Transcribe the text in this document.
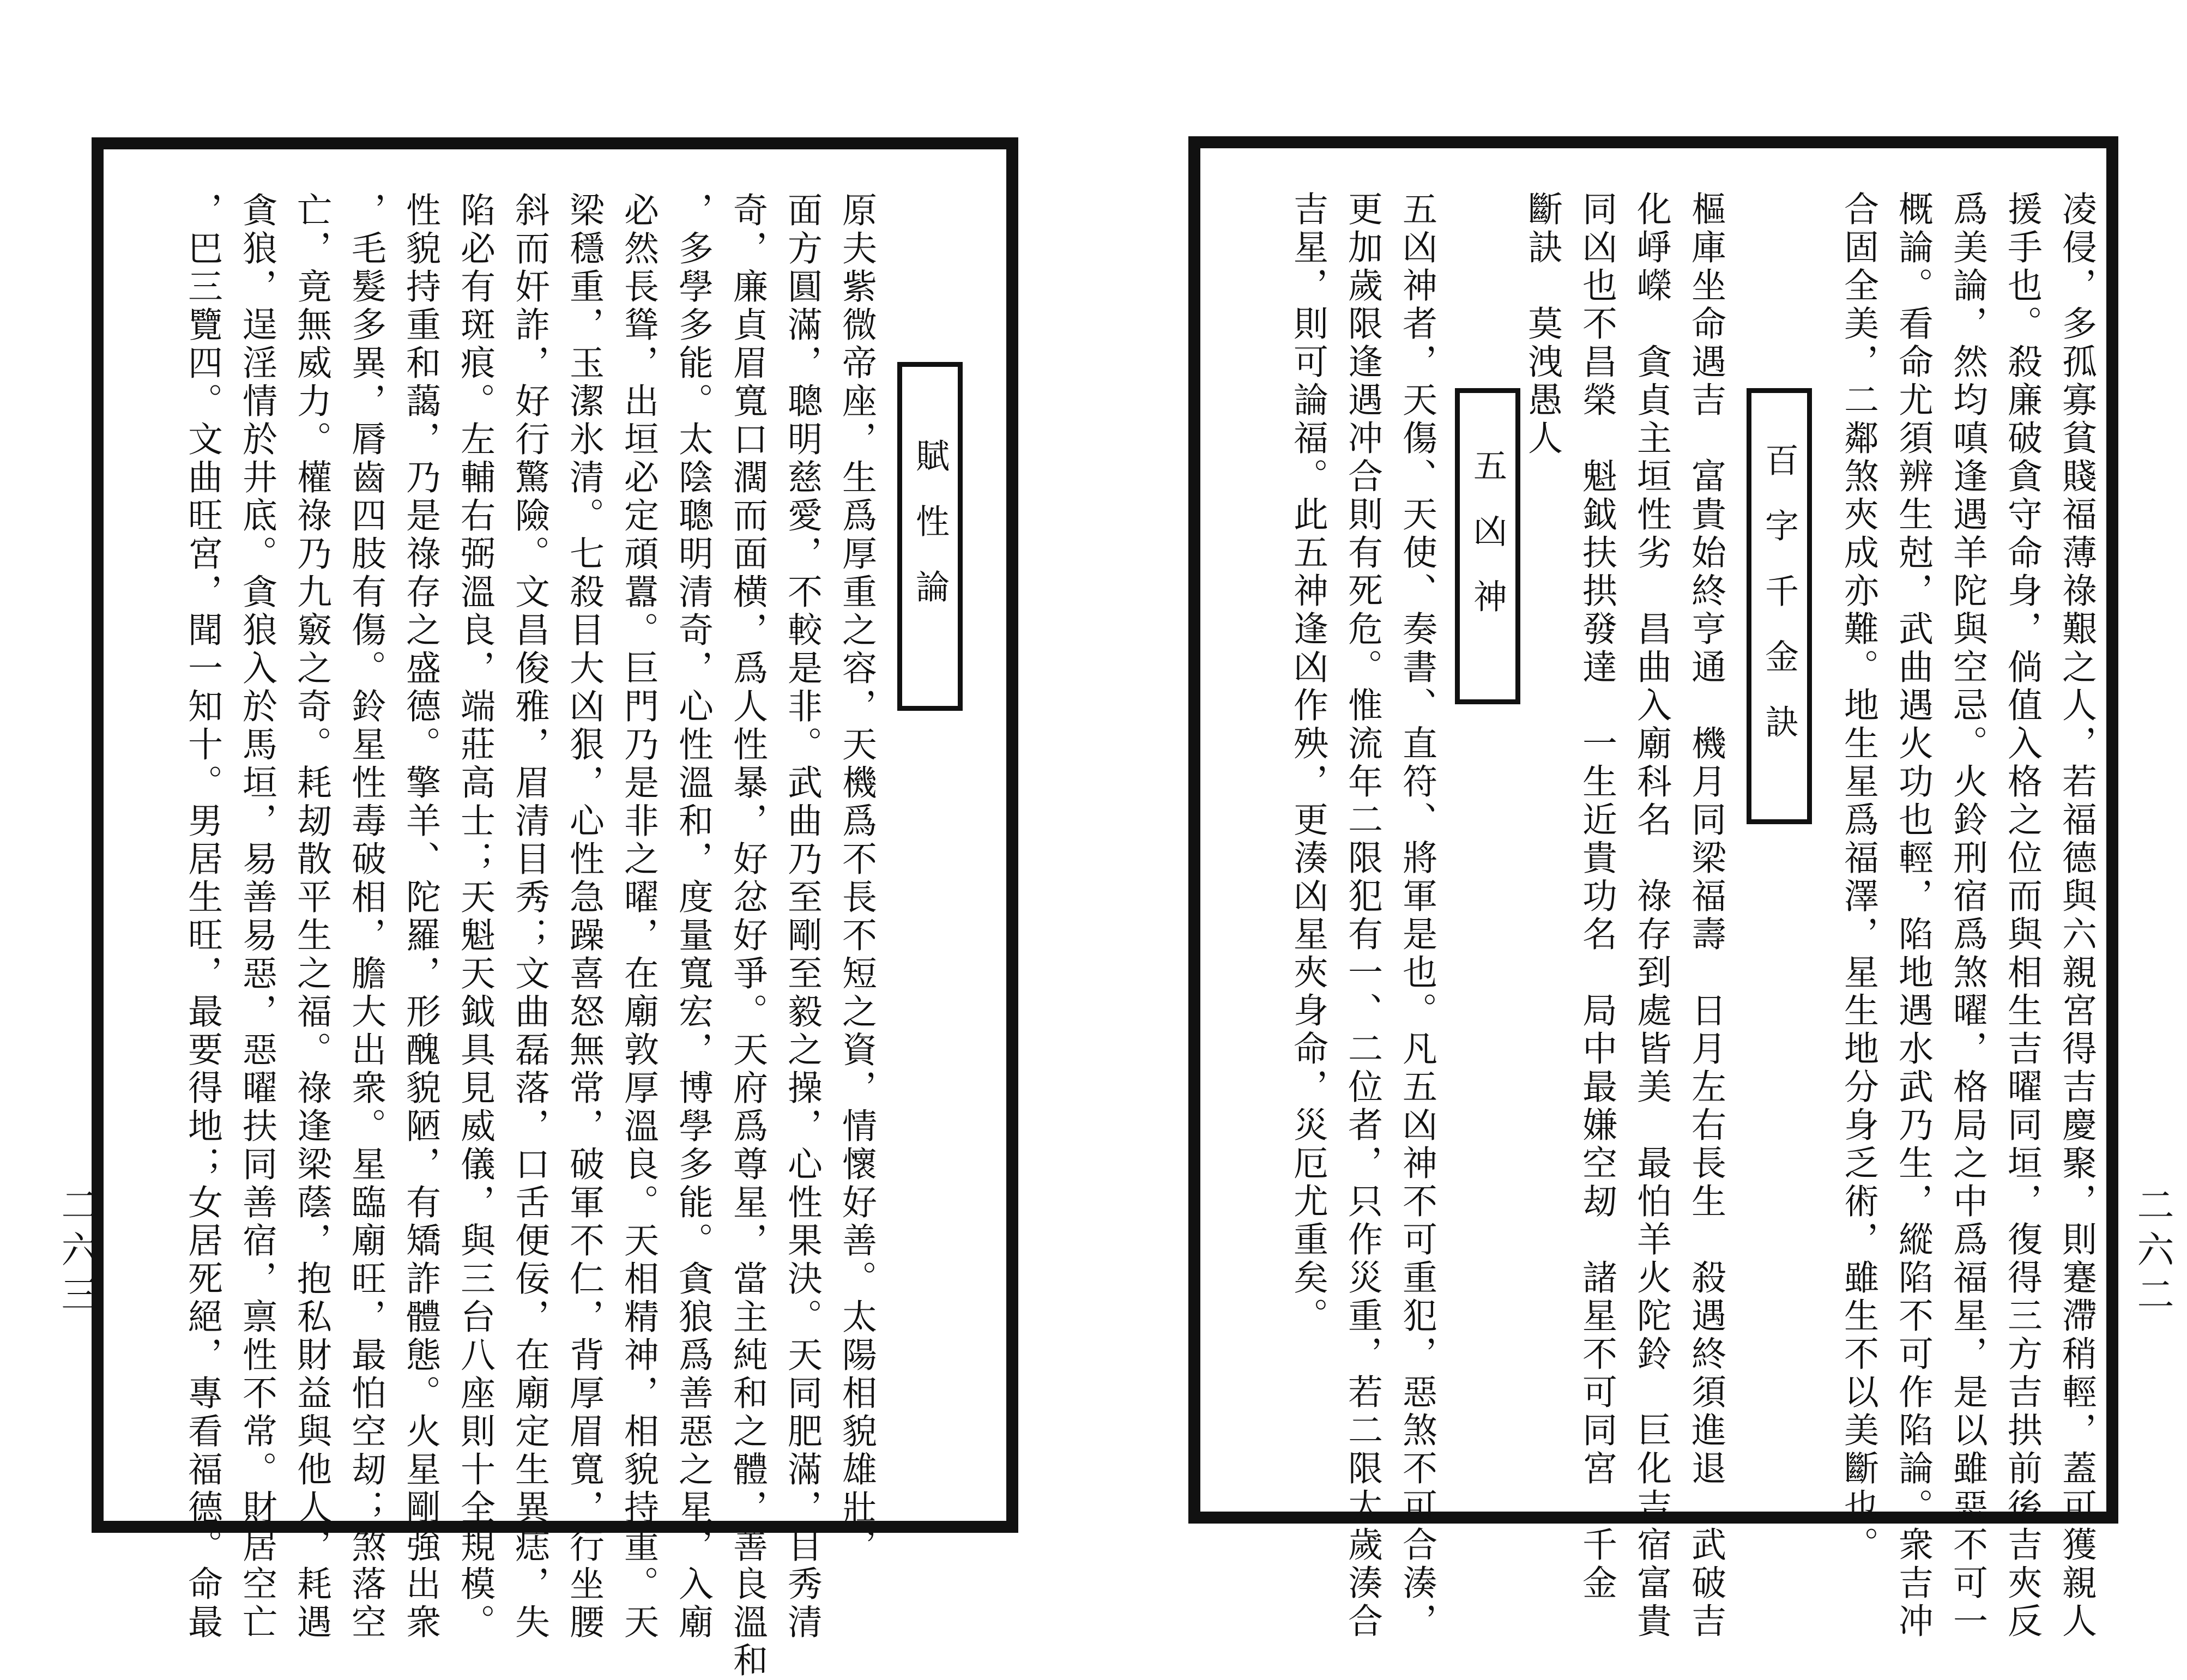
賦性論
原夫紫微帝座，生爲厚重之容，天機爲不長不短之資，情懷好善。太陽相貌雄壯，
面方圓滿，聰明慈愛，不較是非。武曲乃至剛至毅之操，心性果決。天同肥滿，目秀清
奇，廉貞眉寬口濶而面横，爲人性暴，好忿好爭。天府爲尊星，當主純和之體，善良溫和
，多學多能。太陰聰明清奇，心性溫和，度量寬宏，博學多能。貪狼爲善惡之星，入廟
必然長聳，出垣必定頑囂。巨門乃是非之曜，在廟敦厚溫良。天相精神，相貌持重。天
梁穩重，玉潔氷清。七殺目大凶狠，心性急躁喜怒無常，破軍不仁，背厚眉寬，行坐腰
斜而奸詐，好行驚險。文昌俊雅，眉清目秀；文曲磊落，口舌便佞，在廟定生異痣，失
陷必有斑痕。左輔右弼溫良，端莊高士；天魁天鉞具見威儀，與三台八座則十全規模。
性貌持重和藹，乃是祿存之盛德。擎羊、陀羅，形醜貌陋，有矯詐體態。火星剛強出衆
，毛髮多異，脣齒四肢有傷。鈴星性毒破相，膽大出衆。星臨廟旺，最怕空刼；煞落空
亡，竟無威力。權祿乃九竅之奇。耗刼散平生之福。祿逢梁蔭，抱私財益與他人，耗遇
貪狼，逞淫情於井底。貪狼入於馬垣，易善易惡，惡曜扶同善宿，禀性不常。財居空亡
，巴三覽四。文曲旺宮，聞一知十。男居生旺，最要得地；女居死絕，專看福德。命最
二六三	凌侵，多孤寡貧賤福薄祿艱之人，若福德與六親宮得吉慶聚，則蹇滯稍輕，蓋可獲親人
援手也。殺廉破貪守命身，倘值入格之位而與相生吉曜同垣，復得三方吉拱前後吉夾反
爲美論，然均嗔逢遇羊陀與空忌。火鈴刑宿爲煞曜，格局之中爲福星，是以雖惡不可一
概論。看命尤須辨生尅，武曲遇火功也輕，陷地遇水武乃生，縱陷不可作陷論。衆吉冲
合固全美，二鄰煞夾成亦難。地生星爲福澤，星生地分身乏術，雖生不以美斷也。
百字千金訣
樞庫坐命遇吉　富貴始終亨通　機月同梁福壽　日月左右長生　殺遇終須進退　武破吉
化崢嶸　貪貞主垣性劣　昌曲入廟科名　祿存到處皆美　最怕羊火陀鈴　巨化吉宿富貴
同凶也不昌榮　魁鉞扶拱發達　一生近貴功名　局中最嫌空刼　諸星不可同宮　千金
斷訣　莫洩愚人
五凶神
五凶神者，天傷、天使、奏書、直符、將軍是也。凡五凶神不可重犯，惡煞不可合湊，
更加歲限逢遇冲合則有死危。惟流年二限犯有一、二位者，只作災重，若二限太歲湊合
吉星，則可論福。此五神逢凶作殃，更湊凶星夾身命，災厄尤重矣。	二六二
